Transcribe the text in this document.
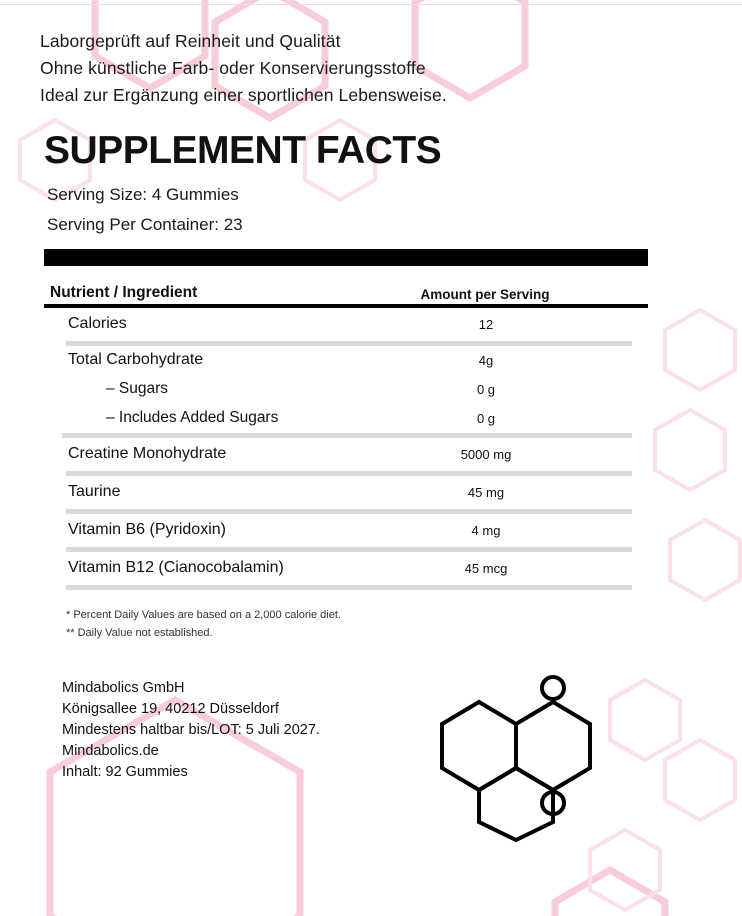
Laborgeprüft auf Reinheit und Qualität
Ohne künstliche Farb- oder Konservierungsstoffe
Ideal zur Ergänzung einer sportlichen Lebensweise.
SUPPLEMENT FACTS
Serving Size: 4 Gummies
Serving Per Container: 23
Nutrient / Ingredient	Amount per Serving
Calories	12
Total Carbohydrate	4g
– Sugars	0 g
– Includes Added Sugars	0 g
Creatine Monohydrate	5000 mg
Taurine	45 mg
Vitamin B6 (Pyridoxin)	4 mg
Vitamin B12 (Cianocobalamin)	45 mcg
* Percent Daily Values are based on a 2,000 calorie diet.
** Daily Value not established.
Mindabolics GmbH
Königsallee 19, 40212 Düsseldorf
Mindestens haltbar bis/LOT: 5 Juli 2027.
Mindabolics.de
Inhalt: 92 Gummies
